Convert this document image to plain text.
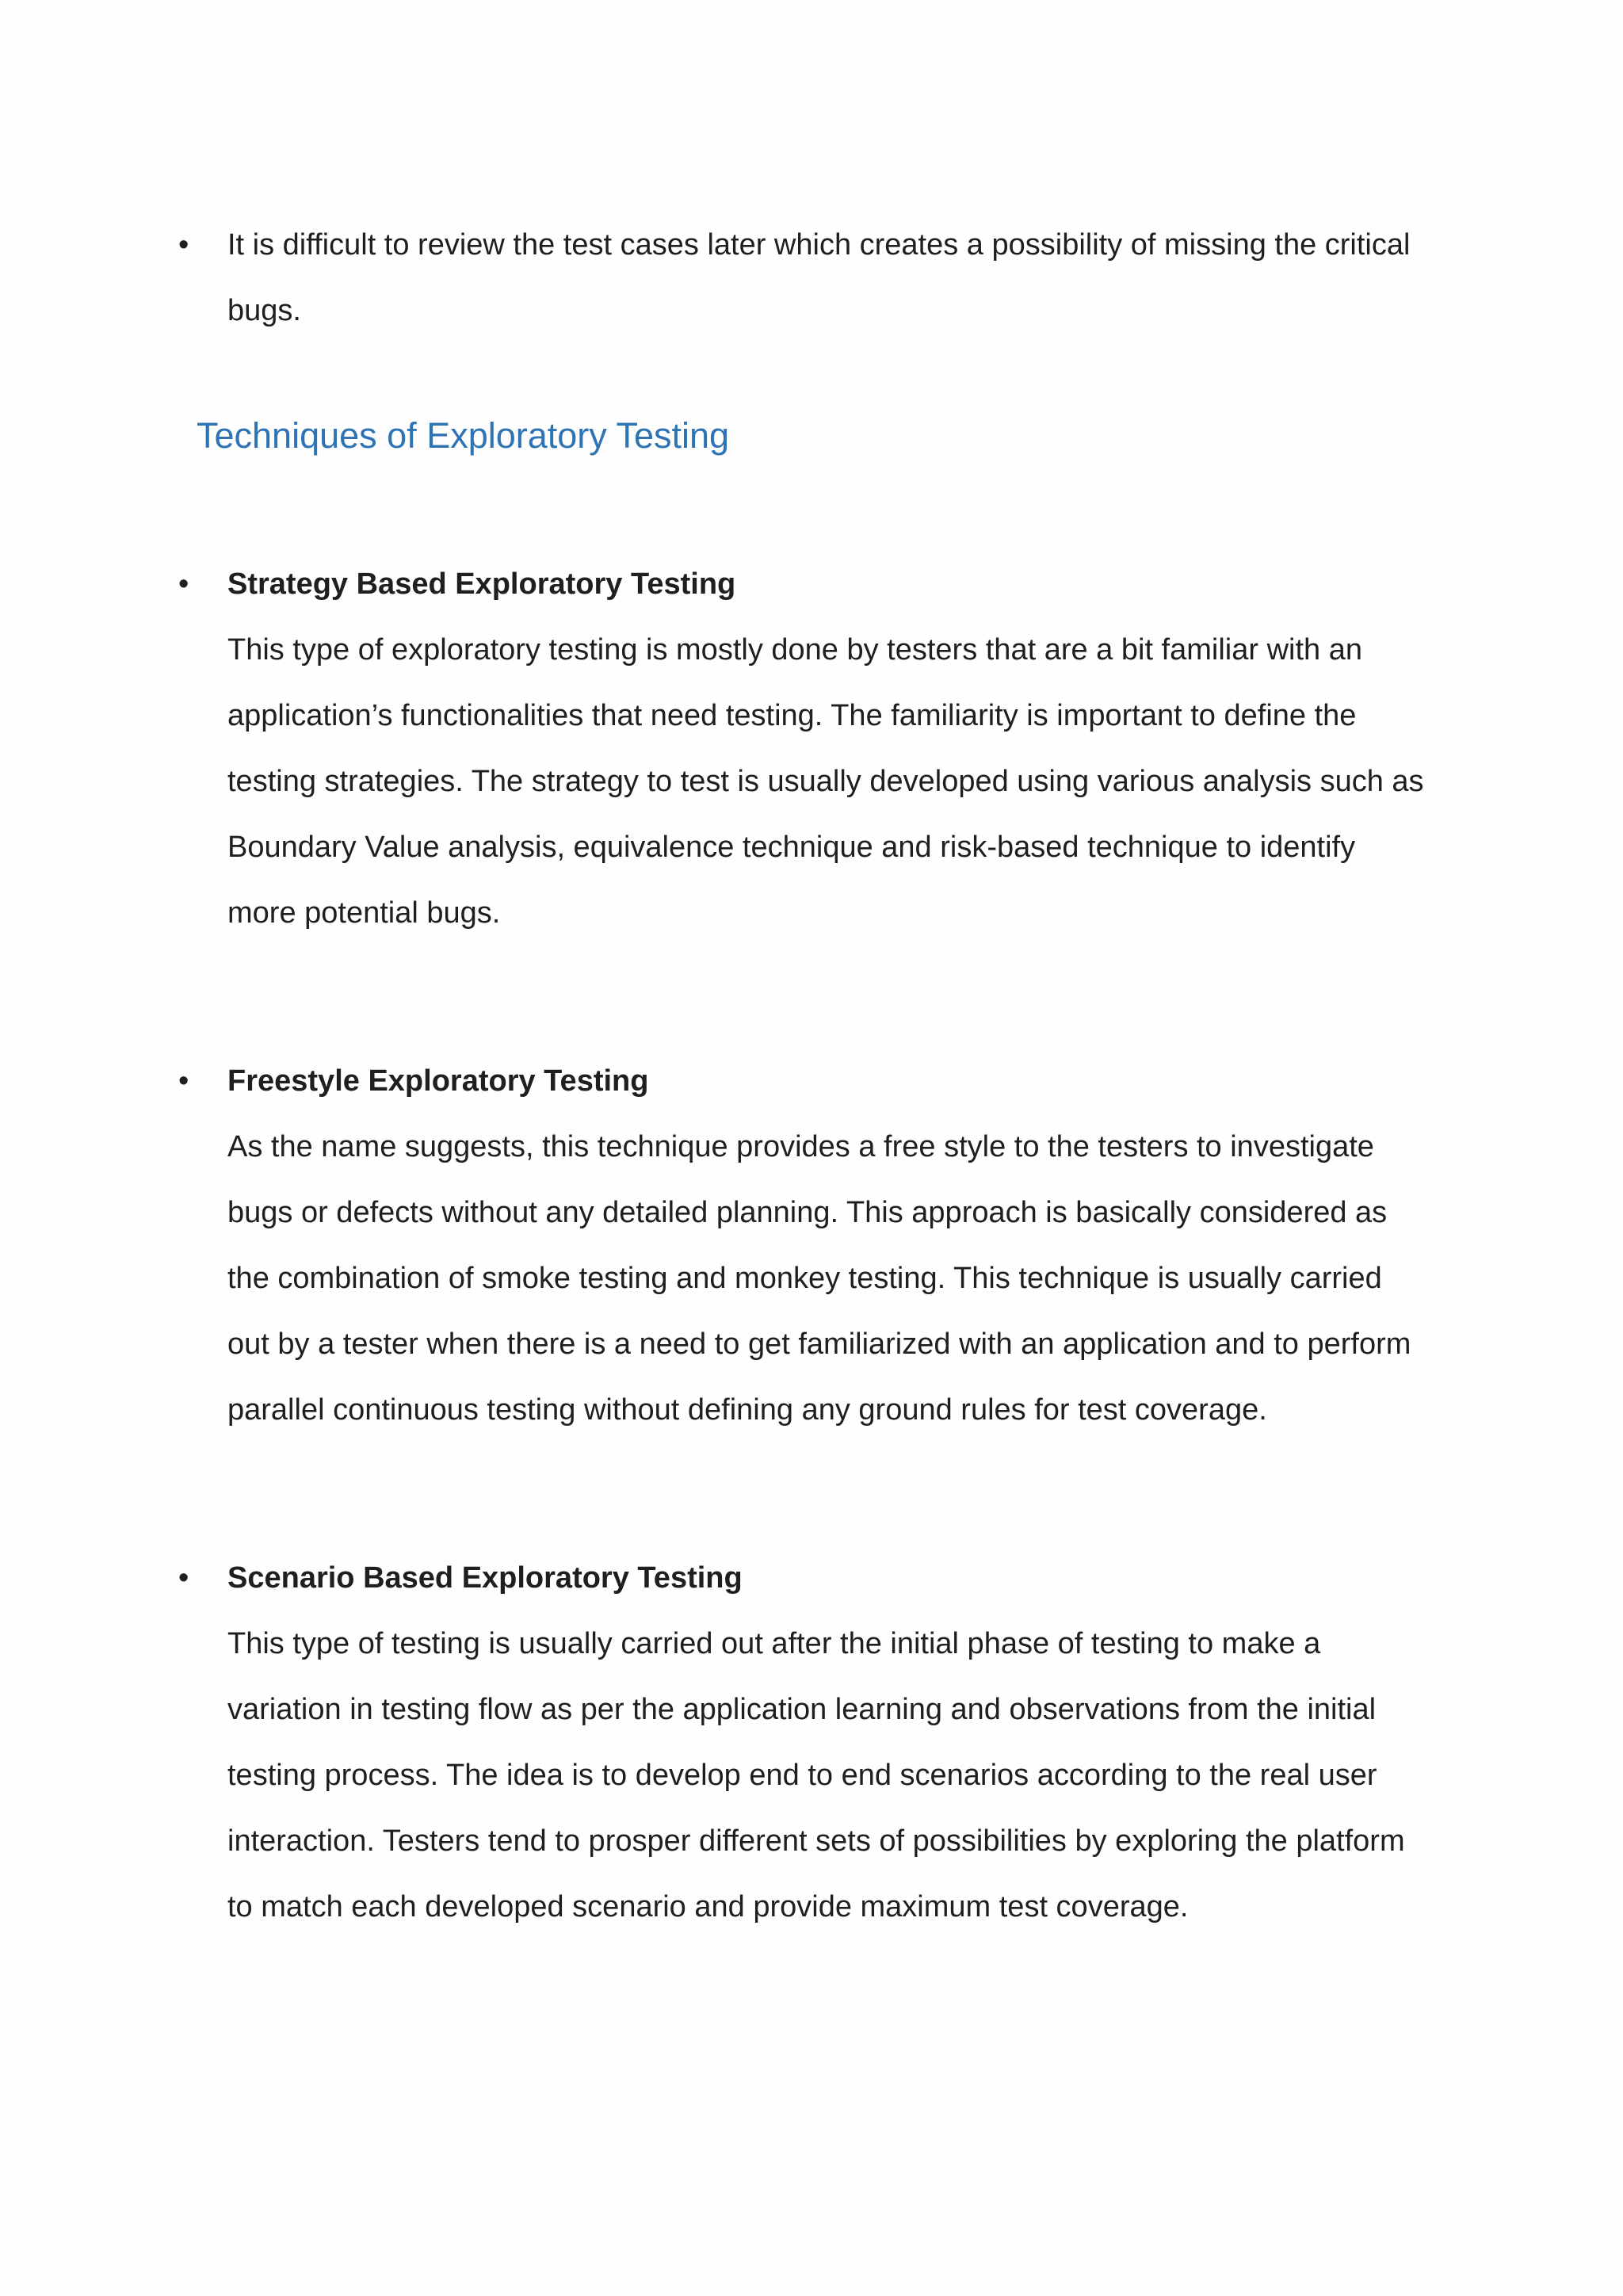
• It is difficult to review the test cases later which creates a possibility of missing the critical bugs.
Techniques of Exploratory Testing
• Strategy Based Exploratory Testing
This type of exploratory testing is mostly done by testers that are a bit familiar with an application’s functionalities that need testing. The familiarity is important to define the testing strategies. The strategy to test is usually developed using various analysis such as Boundary Value analysis, equivalence technique and risk-based technique to identify more potential bugs.
• Freestyle Exploratory Testing
As the name suggests, this technique provides a free style to the testers to investigate bugs or defects without any detailed planning. This approach is basically considered as the combination of smoke testing and monkey testing. This technique is usually carried out by a tester when there is a need to get familiarized with an application and to perform parallel continuous testing without defining any ground rules for test coverage.
• Scenario Based Exploratory Testing
This type of testing is usually carried out after the initial phase of testing to make a variation in testing flow as per the application learning and observations from the initial testing process. The idea is to develop end to end scenarios according to the real user interaction. Testers tend to prosper different sets of possibilities by exploring the platform to match each developed scenario and provide maximum test coverage.
